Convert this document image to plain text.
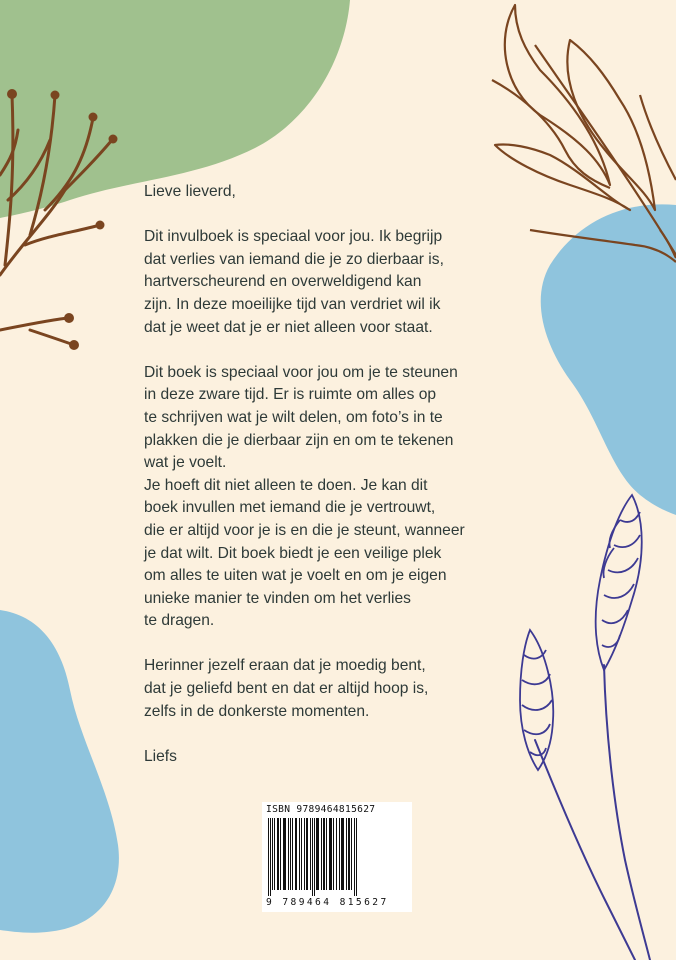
Lieve lieverd,

Dit invulboek is speciaal voor jou. Ik begrijp
dat verlies van iemand die je zo dierbaar is,
hartverscheurend en overweldigend kan
zijn. In deze moeilijke tijd van verdriet wil ik
dat je weet dat je er niet alleen voor staat.

Dit boek is speciaal voor jou om je te steunen
in deze zware tijd. Er is ruimte om alles op
te schrijven wat je wilt delen, om foto’s in te
plakken die je dierbaar zijn en om te tekenen
wat je voelt.
Je hoeft dit niet alleen te doen. Je kan dit
boek invullen met iemand die je vertrouwt,
die er altijd voor je is en die je steunt, wanneer
je dat wilt. Dit boek biedt je een veilige plek
om alles te uiten wat je voelt en om je eigen
unieke manier te vinden om het verlies
te dragen.

Herinner jezelf eraan dat je moedig bent,
dat je geliefd bent en dat er altijd hoop is,
zelfs in de donkerste momenten.

Liefs

ISBN 9789464815627
9 789464 815627
